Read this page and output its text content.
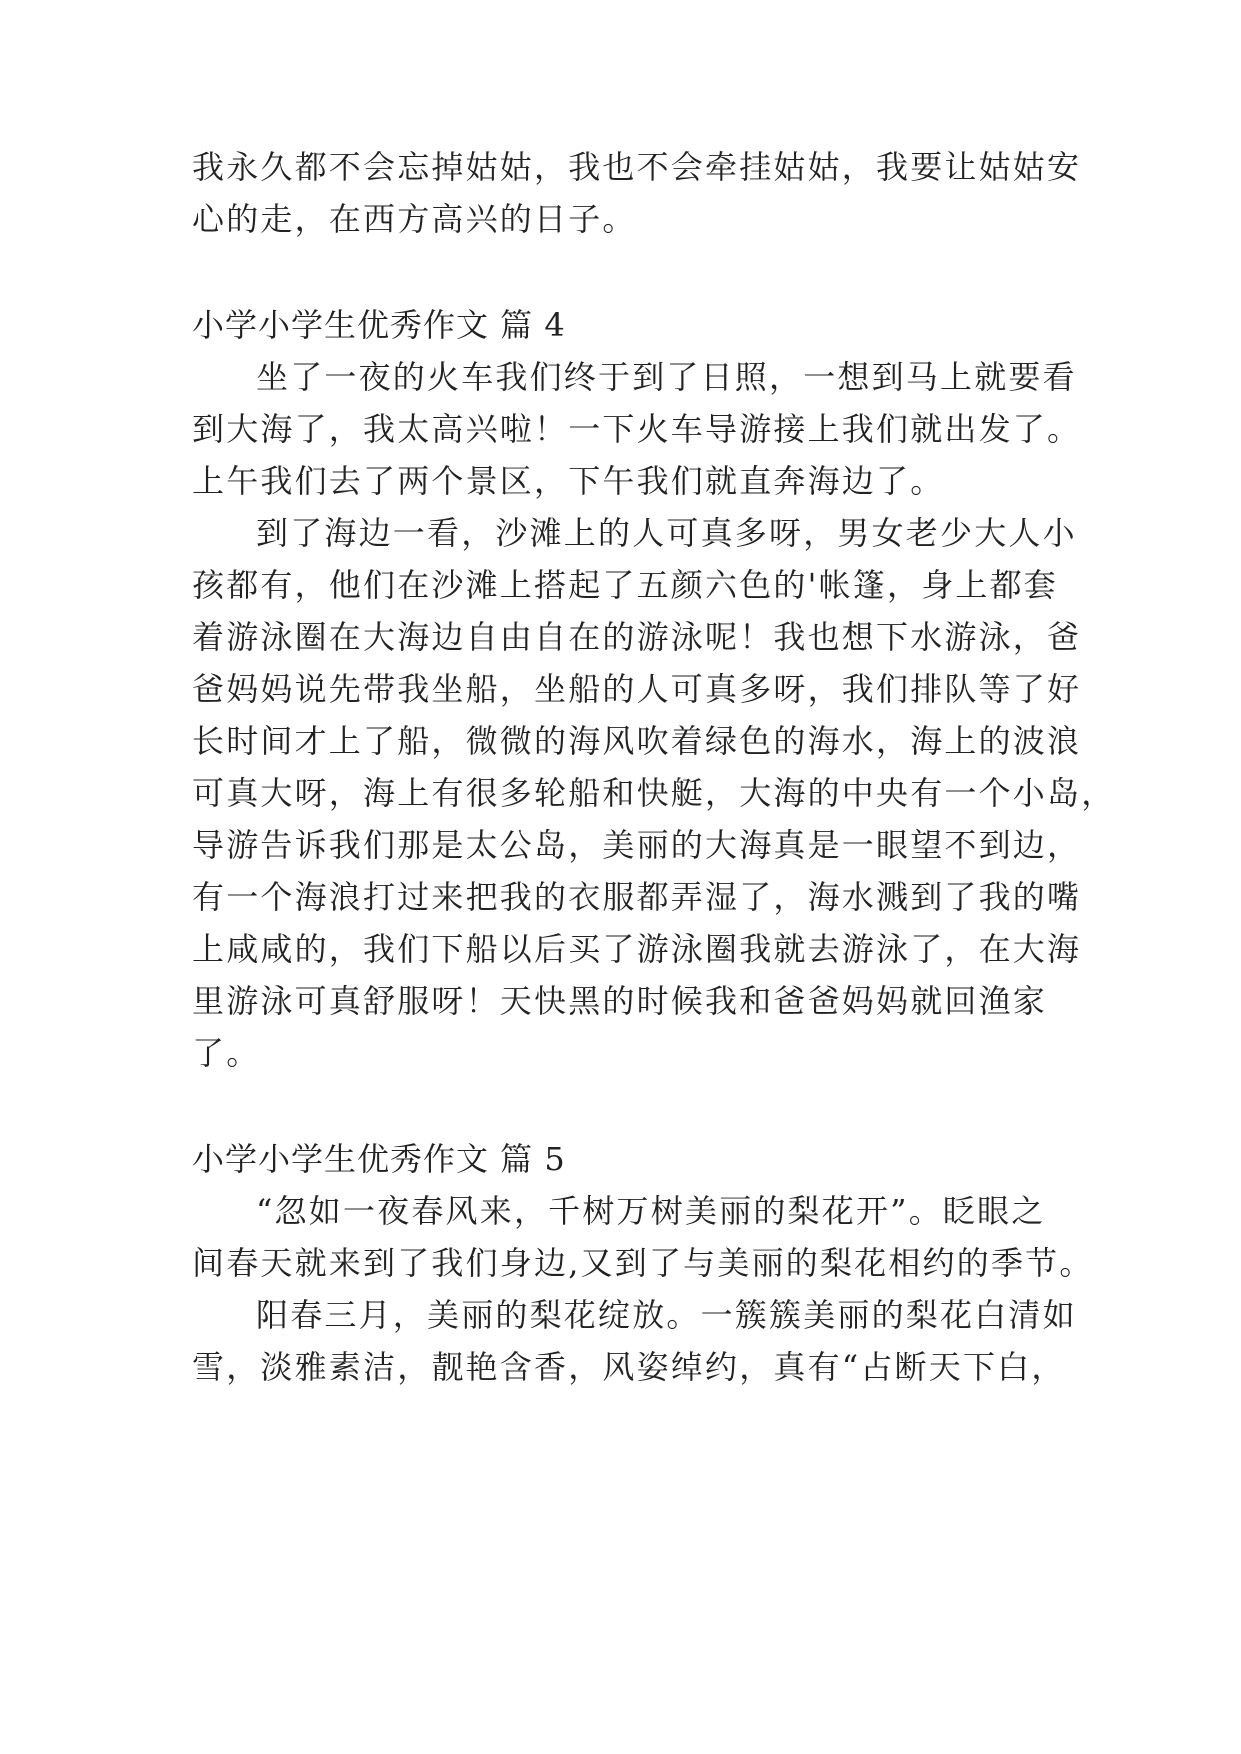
我永久都不会忘掉姑姑，我也不会牵挂姑姑，我要让姑姑安
心的走，在西方高兴的日子。
小学小学生优秀作文 篇 4
坐了一夜的火车我们终于到了日照，一想到马上就要看
到大海了，我太高兴啦！一下火车导游接上我们就出发了。
上午我们去了两个景区，下午我们就直奔海边了。
到了海边一看，沙滩上的人可真多呀，男女老少大人小
孩都有，他们在沙滩上搭起了五颜六色的'帐篷，身上都套
着游泳圈在大海边自由自在的游泳呢！我也想下水游泳，爸
爸妈妈说先带我坐船，坐船的人可真多呀，我们排队等了好
长时间才上了船，微微的海风吹着绿色的海水，海上的波浪
可真大呀，海上有很多轮船和快艇，大海的中央有一个小岛，
导游告诉我们那是太公岛，美丽的大海真是一眼望不到边，
有一个海浪打过来把我的衣服都弄湿了，海水溅到了我的嘴
上咸咸的，我们下船以后买了游泳圈我就去游泳了，在大海
里游泳可真舒服呀！天快黑的时候我和爸爸妈妈就回渔家
了。
小学小学生优秀作文 篇 5
“忽如一夜春风来，千树万树美丽的梨花开”。眨眼之
间春天就来到了我们身边,又到了与美丽的梨花相约的季节。
阳春三月，美丽的梨花绽放。一簇簇美丽的梨花白清如
雪，淡雅素洁，靓艳含香，风姿绰约，真有“占断天下白，
